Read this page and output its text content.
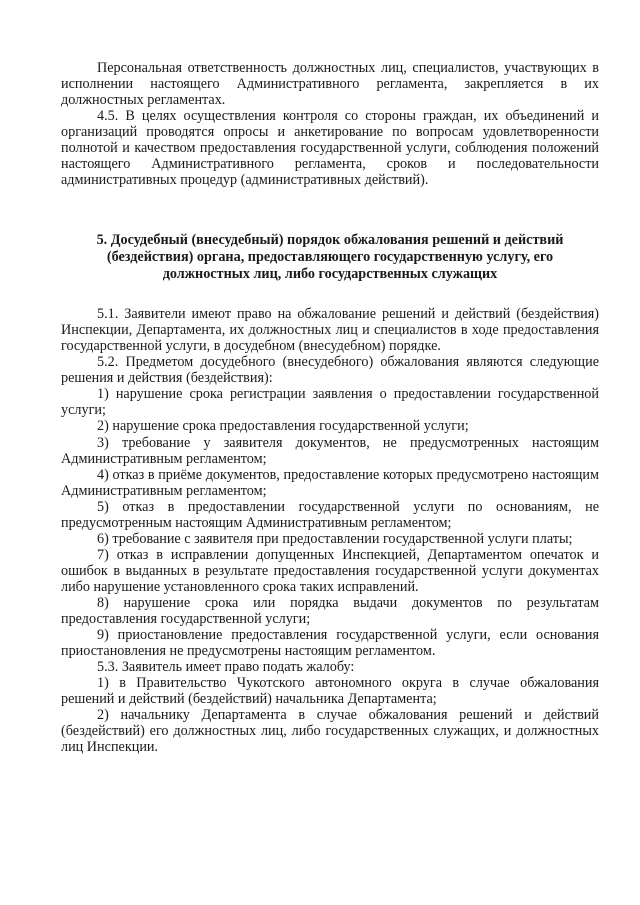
Персональная ответственность должностных лиц, специалистов, участвующих в исполнении настоящего Административного регламента, закрепляется в их должностных регламентах.

4.5. В целях осуществления контроля со стороны граждан, их объединений и организаций проводятся опросы и анкетирование по вопросам удовлетворенности полнотой и качеством предоставления государственной услуги, соблюдения положений настоящего Административного регламента, сроков и последовательности административных процедур (административных действий).

5. Досудебный (внесудебный) порядок обжалования решений и действий (бездействия) органа, предоставляющего государственную услугу, его должностных лиц, либо государственных служащих

5.1. Заявители имеют право на обжалование решений и действий (бездействия) Инспекции, Департамента, их должностных лиц и специалистов в ходе предоставления государственной услуги, в досудебном (внесудебном) порядке.

5.2. Предметом досудебного (внесудебного) обжалования являются следующие решения и действия (бездействия):

1) нарушение срока регистрации заявления о предоставлении государственной услуги;

2) нарушение срока предоставления государственной услуги;

3) требование у заявителя документов, не предусмотренных настоящим Административным регламентом;

4) отказ в приёме документов, предоставление которых предусмотрено настоящим Административным регламентом;

5) отказ в предоставлении государственной услуги по основаниям, не предусмотренным настоящим Административным регламентом;

6) требование с заявителя при предоставлении государственной услуги платы;

7) отказ в исправлении допущенных Инспекцией, Департаментом опечаток и ошибок в выданных в результате предоставления государственной услуги документах либо нарушение установленного срока таких исправлений.

8) нарушение срока или порядка выдачи документов по результатам предоставления государственной услуги;

9) приостановление предоставления государственной услуги, если основания приостановления не предусмотрены настоящим регламентом.

5.3. Заявитель имеет право подать жалобу:

1) в Правительство Чукотского автономного округа в случае обжалования решений и действий (бездействий) начальника Департамента;

2) начальнику Департамента в случае обжалования решений и действий (бездействий) его должностных лиц, либо государственных служащих, и должностных лиц Инспекции.
